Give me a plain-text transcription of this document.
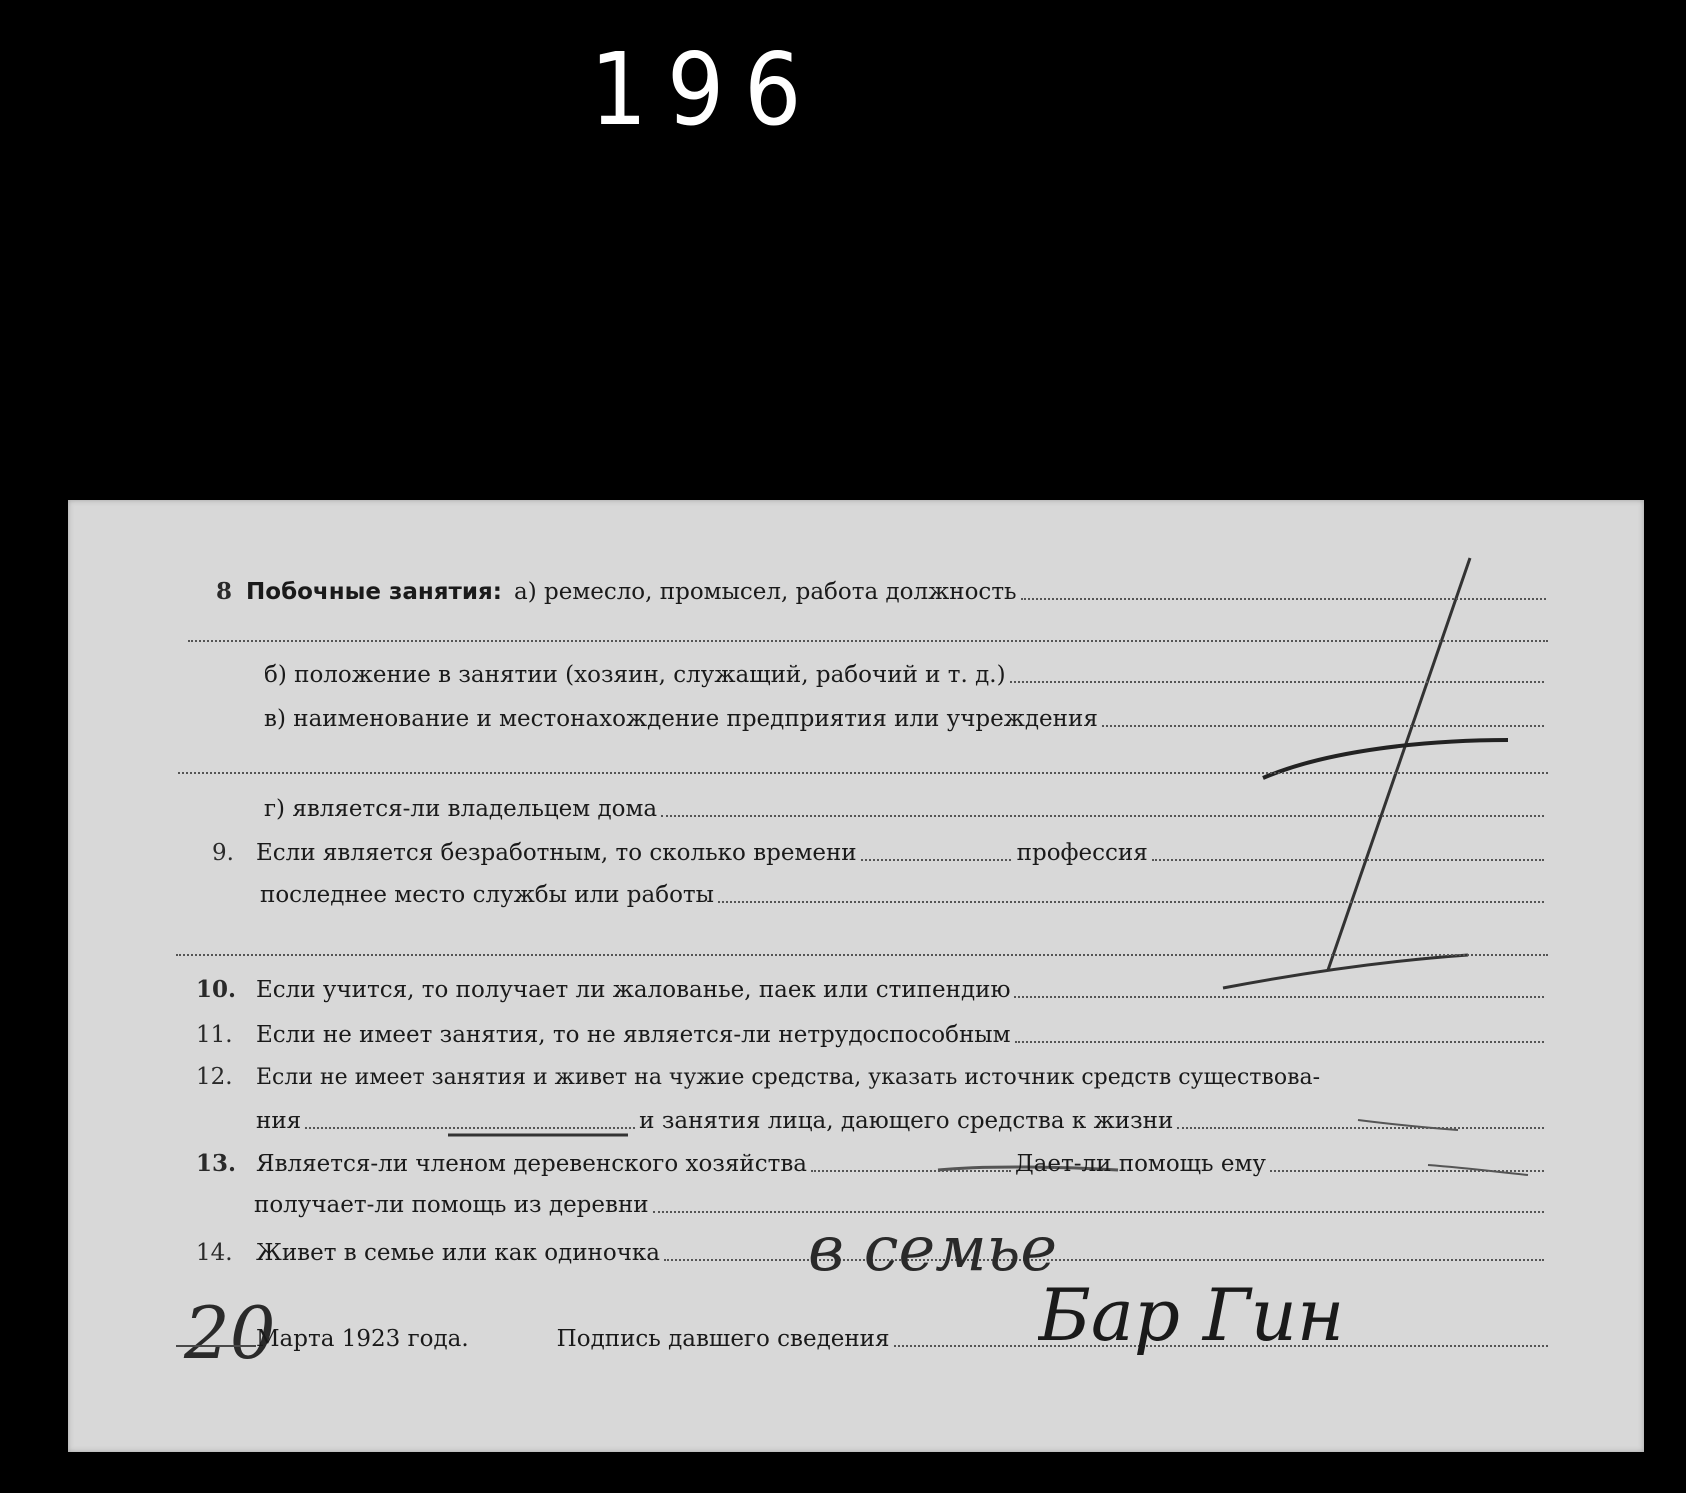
196
8 Побочные занятия: а) ремесло, промысел, работа должность
б) положение в занятии (хозяин, служащий, рабочий и т. д.)
в) наименование и местонахождение предприятия или учреждения
г) является-ли владельцем дома
9. Если является безработным, то сколько времени	профессия
последнее место службы или работы
10. Если учится, то получает ли жалованье, паек или стипендию
11.	Если не имеет занятия, то не является-ли нетрудоспособным
12.	Если не имеет занятия и живет на чужие средства, указать источник средств существова-
ния	и занятия лица, дающего средства к жизни
13. Является-ли членом деревенского хозяйства	Дает-ли помощь ему
получает-ли помощь из деревни
14.	Живет в семье или как одиночка в семье
20
Марта 1923 года.	Подпись давшего сведения Бар Гин
